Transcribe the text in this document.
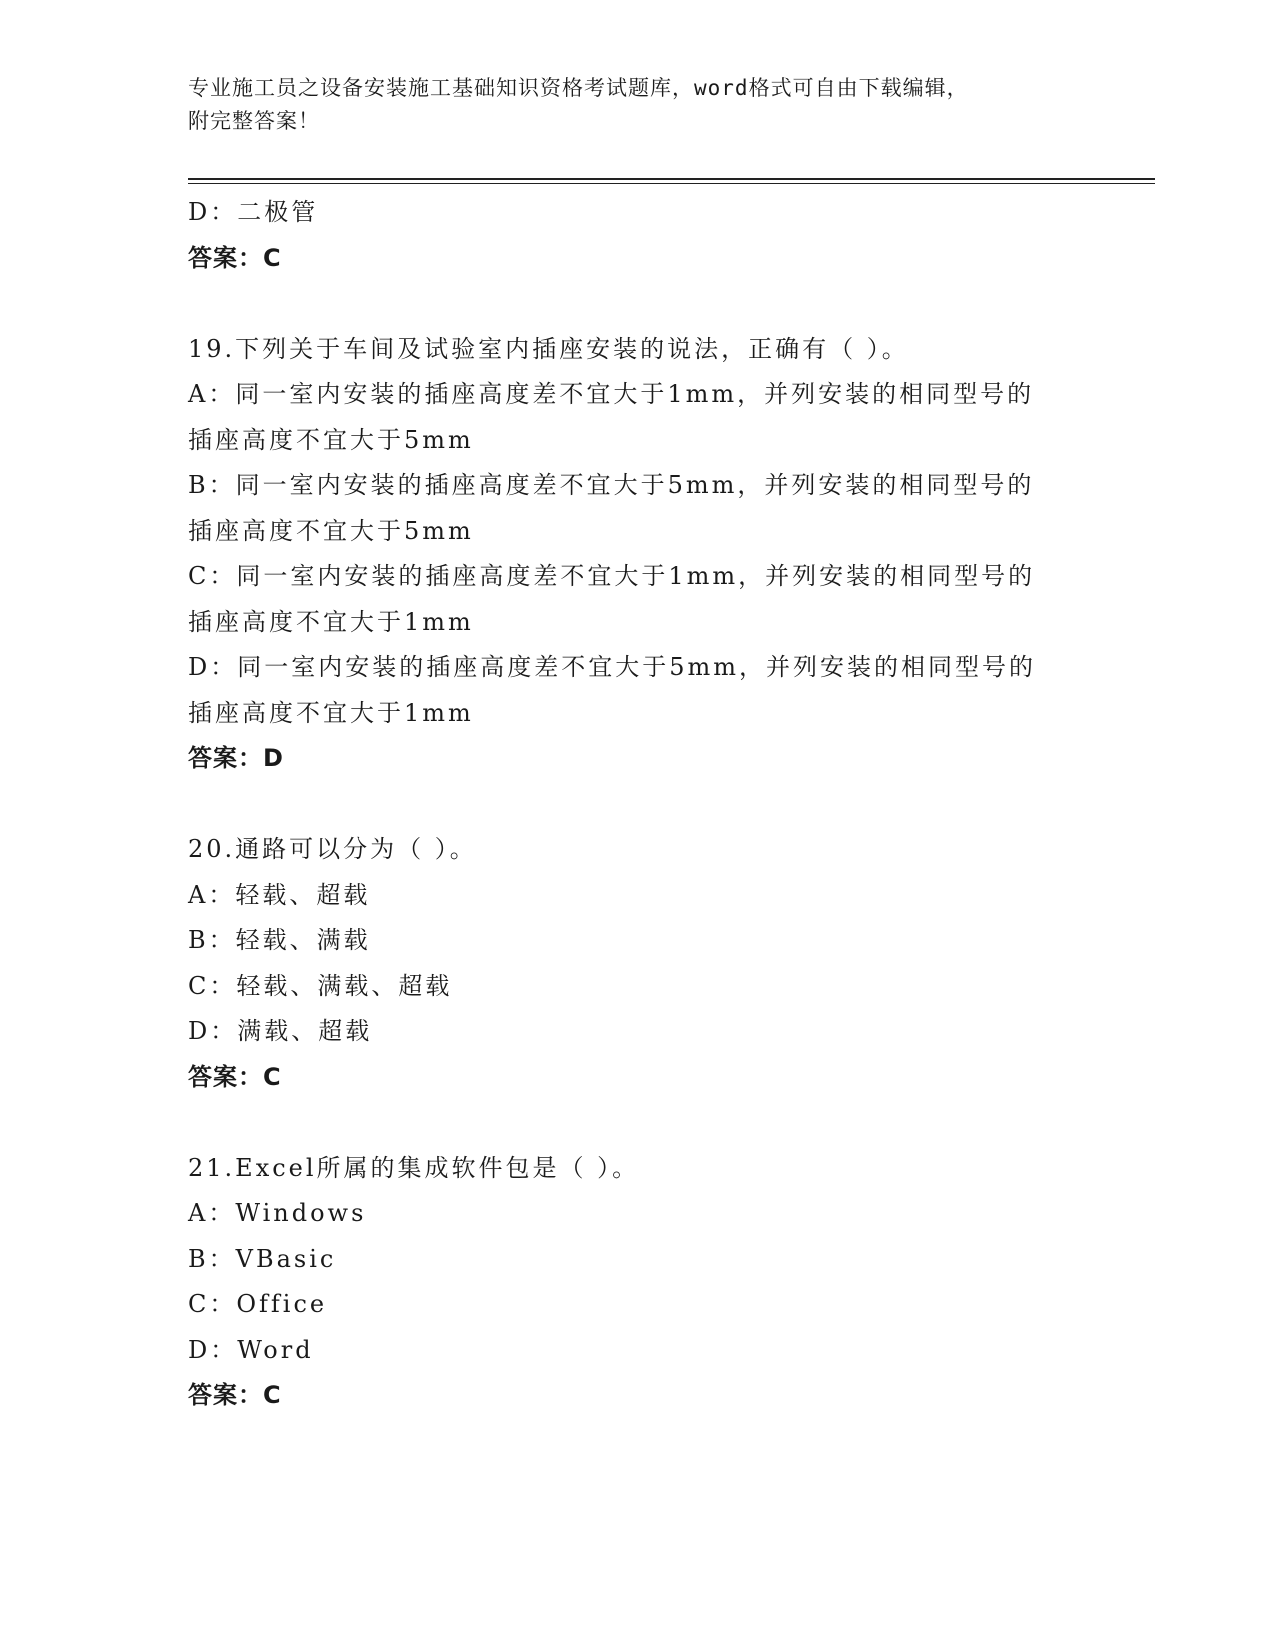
专业施工员之设备安装施工基础知识资格考试题库，word格式可自由下载编辑，
附完整答案！
D：二极管
答案：C
19.下列关于车间及试验室内插座安装的说法，正确有（ ）。
A：同一室内安装的插座高度差不宜大于1mm，并列安装的相同型号的
插座高度不宜大于5mm
B：同一室内安装的插座高度差不宜大于5mm，并列安装的相同型号的
插座高度不宜大于5mm
C：同一室内安装的插座高度差不宜大于1mm，并列安装的相同型号的
插座高度不宜大于1mm
D：同一室内安装的插座高度差不宜大于5mm，并列安装的相同型号的
插座高度不宜大于1mm
答案：D
20.通路可以分为（ ）。
A：轻载、超载
B：轻载、满载
C：轻载、满载、超载
D：满载、超载
答案：C
21.Excel所属的集成软件包是（ ）。
A：Windows
B：VBasic
C：Office
D：Word
答案：C
